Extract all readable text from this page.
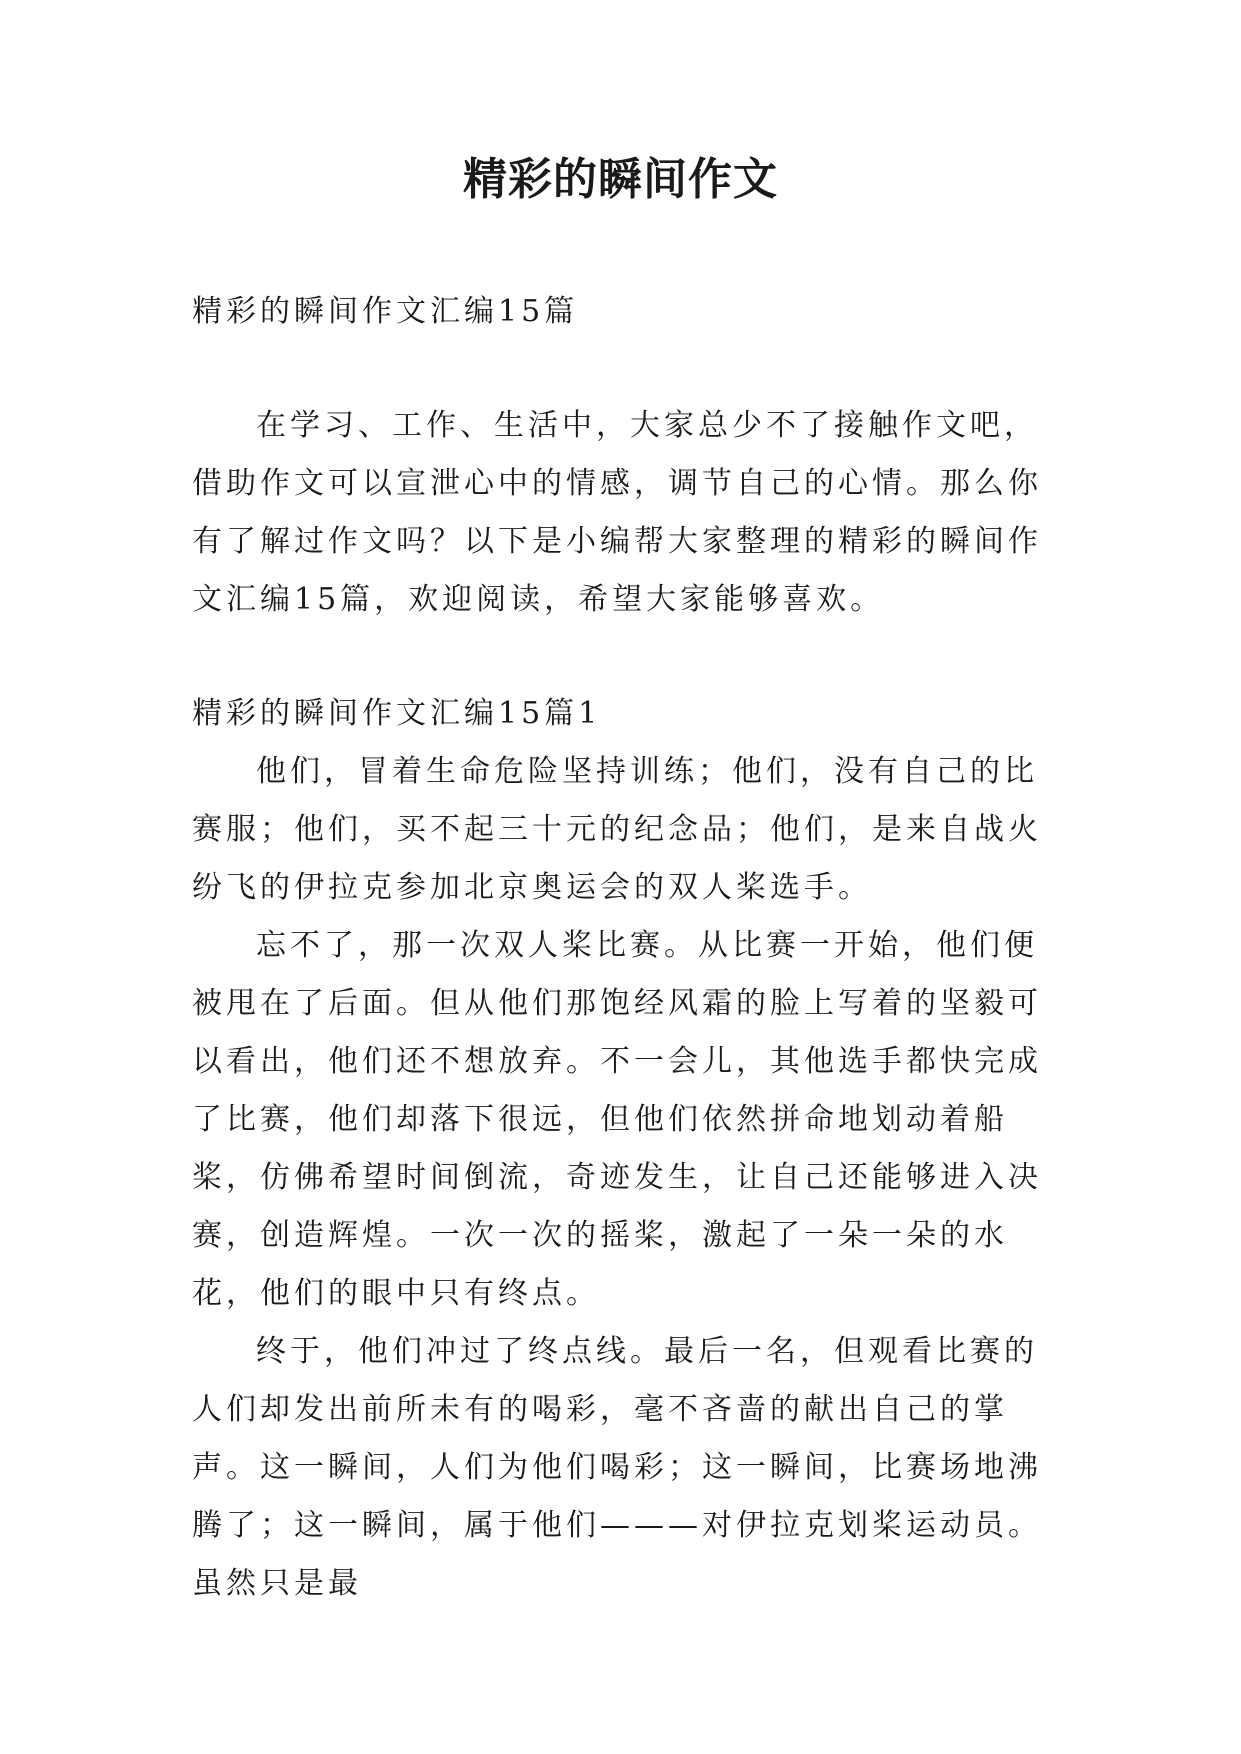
精彩的瞬间作文

精彩的瞬间作文汇编15篇

在学习、工作、生活中，大家总少不了接触作文吧，借助作文可以宣泄心中的情感，调节自己的心情。那么你有了解过作文吗？以下是小编帮大家整理的精彩的瞬间作文汇编15篇，欢迎阅读，希望大家能够喜欢。

精彩的瞬间作文汇编15篇1

他们，冒着生命危险坚持训练；他们，没有自己的比赛服；他们，买不起三十元的纪念品；他们，是来自战火纷飞的伊拉克参加北京奥运会的双人桨选手。

忘不了，那一次双人桨比赛。从比赛一开始，他们便被甩在了后面。但从他们那饱经风霜的脸上写着的坚毅可以看出，他们还不想放弃。不一会儿，其他选手都快完成了比赛，他们却落下很远，但他们依然拼命地划动着船桨，仿佛希望时间倒流，奇迹发生，让自己还能够进入决赛，创造辉煌。一次一次的摇桨，激起了一朵一朵的水花，他们的眼中只有终点。

终于，他们冲过了终点线。最后一名，但观看比赛的人们却发出前所未有的喝彩，毫不吝啬的献出自己的掌声。这一瞬间，人们为他们喝彩；这一瞬间，比赛场地沸腾了；这一瞬间，属于他们———对伊拉克划桨运动员。虽然只是最
